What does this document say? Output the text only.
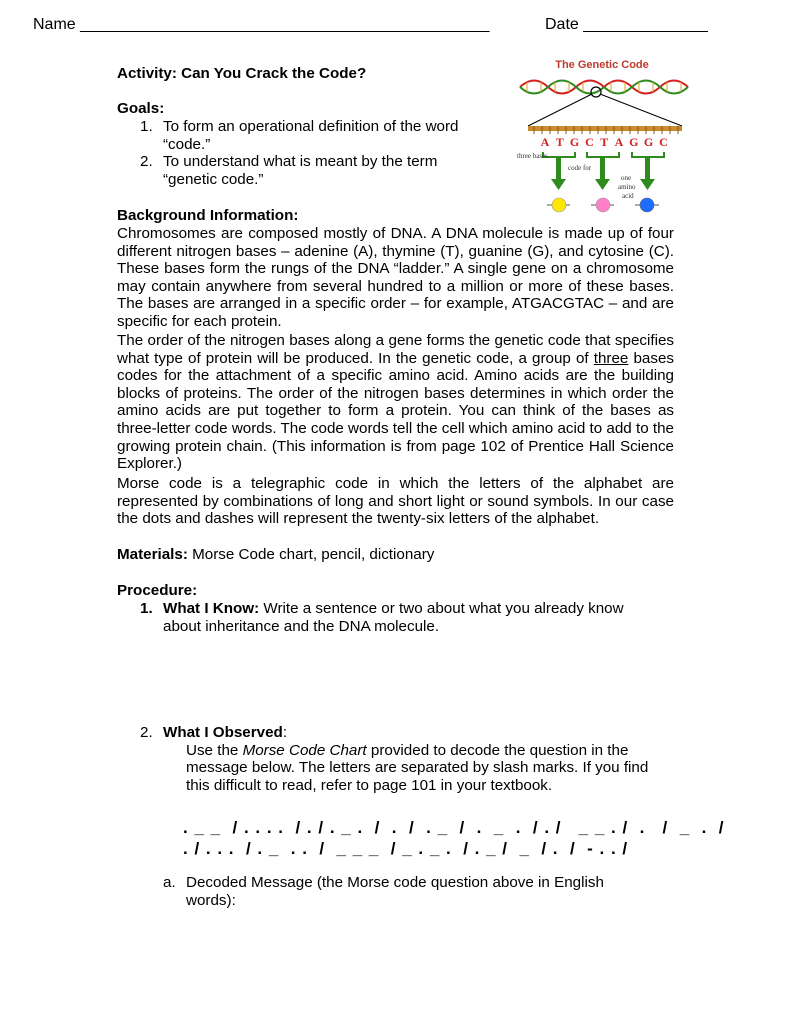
Name ______________________________________________	Date ______________
Activity: Can You Crack the Code?
Goals:
1. To form an operational definition of the word “code.”
2. To understand what is meant by the term “genetic code.”
The Genetic Code
A T G C T A G G C
three bases
code for
one
amino
acid
Background Information:
Chromosomes are composed mostly of DNA. A DNA molecule is made up of four different nitrogen bases – adenine (A), thymine (T), guanine (G), and cytosine (C). These bases form the rungs of the DNA “ladder.” A single gene on a chromosome may contain anywhere from several hundred to a million or more of these bases. The bases are arranged in a specific order – for example, ATGACGTAC – and are specific for each protein.
The order of the nitrogen bases along a gene forms the genetic code that specifies what type of protein will be produced. In the genetic code, a group of three bases codes for the attachment of a specific amino acid. Amino acids are the building blocks of proteins. The order of the nitrogen bases determines in which order the amino acids are put together to form a protein. You can think of the bases as three-letter code words. The code words tell the cell which amino acid to add to the growing protein chain. (This information is from page 102 of Prentice Hall Science Explorer.)
Morse code is a telegraphic code in which the letters of the alphabet are represented by combinations of long and short light or sound symbols. In our case the dots and dashes will represent the twenty-six letters of the alphabet.
Materials: Morse Code chart, pencil, dictionary
Procedure:
1. What I Know: Write a sentence or two about what you already know about inheritance and the DNA molecule.
2. What I Observed:
Use the Morse Code Chart provided to decode the question in the message below. The letters are separated by slash marks. If you find this difficult to read, refer to page 101 in your textbook.
. _ _  / . . . .  / . / . _ .  /  .  /  . _  /  .  _  .  / . /   _ _ . /  .   /  _  .  /
. / . . .  / . _  . .  /  _ _ _  / _ . _ .  / . _ /  _  / .  /  - . . /
a. Decoded Message (the Morse code question above in English words):
